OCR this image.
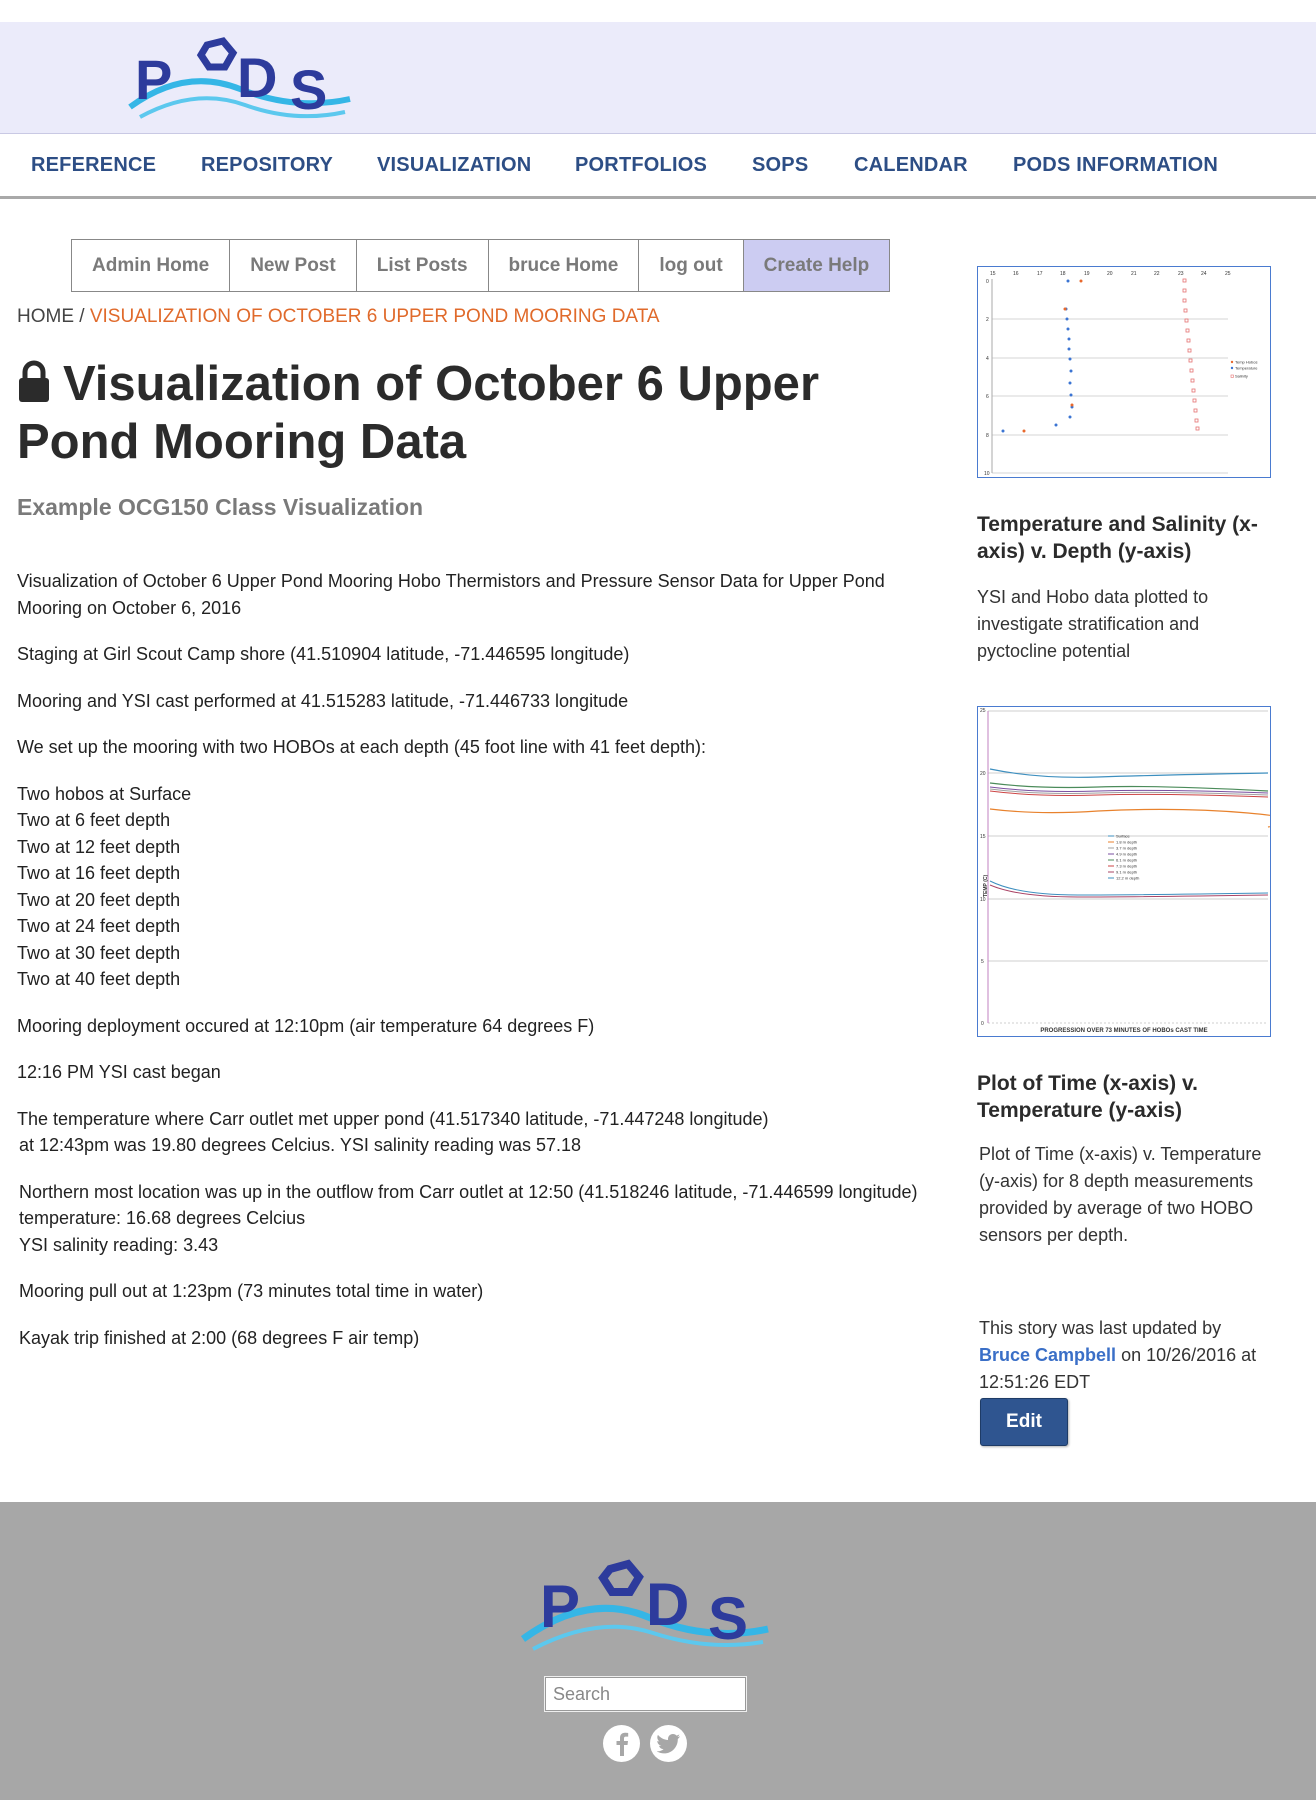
P D S
REFERENCE REPOSITORY VISUALIZATION PORTFOLIOS SOPS CALENDAR PODS INFORMATION
Admin Home	New Post	List Posts	bruce Home	log out	Create Help
HOME / VISUALIZATION OF OCTOBER 6 UPPER POND MOORING DATA
Visualization of October 6 Upper Pond Mooring Data
Example OCG150 Class Visualization

Visualization of October 6 Upper Pond Mooring Hobo Thermistors and Pressure Sensor Data for Upper Pond Mooring on October 6, 2016

Staging at Girl Scout Camp shore (41.510904 latitude, -71.446595 longitude)

Mooring and YSI cast performed at 41.515283 latitude, -71.446733 longitude

We set up the mooring with two HOBOs at each depth (45 foot line with 41 feet depth):

Two hobos at Surface
Two at 6 feet depth
Two at 12 feet depth
Two at 16 feet depth
Two at 20 feet depth
Two at 24 feet depth
Two at 30 feet depth
Two at 40 feet depth

Mooring deployment occured at 12:10pm (air temperature 64 degrees F)

12:16 PM YSI cast began

The temperature where Carr outlet met upper pond (41.517340 latitude, -71.447248 longitude)
at 12:43pm was 19.80 degrees Celcius. YSI salinity reading was 57.18

Northern most location was up in the outflow from Carr outlet at 12:50 (41.518246 latitude, -71.446599 longitude)
temperature: 16.68 degrees Celcius
YSI salinity reading: 3.43

Mooring pull out at 1:23pm (73 minutes total time in water)

Kayak trip finished at 2:00 (68 degrees F air temp)

15	16	17	18	19	20	21	22	23	24	25
0
2
4
6
8
10
Temp Hobos
Temperature
Salinity
Temperature and Salinity (x-axis) v. Depth (y-axis)
YSI and Hobo data plotted to investigate stratification and pyctocline potential
25
20
15
10
5
0
TEMP (C)
Surface
1.8 m depth
3.7 m depth
4.9 m depth
6.1 m depth
7.3 m depth
9.1 m depth
12.2 m depth
PROGRESSION OVER 73 MINUTES OF HOBOs CAST TIME
Plot of Time (x-axis) v. Temperature (y-axis)
Plot of Time (x-axis) v. Temperature (y-axis) for 8 depth measurements provided by average of two HOBO sensors per depth.
This story was last updated by
Bruce Campbell on 10/26/2016 at 12:51:26 EDT
Edit
P D S
Search
